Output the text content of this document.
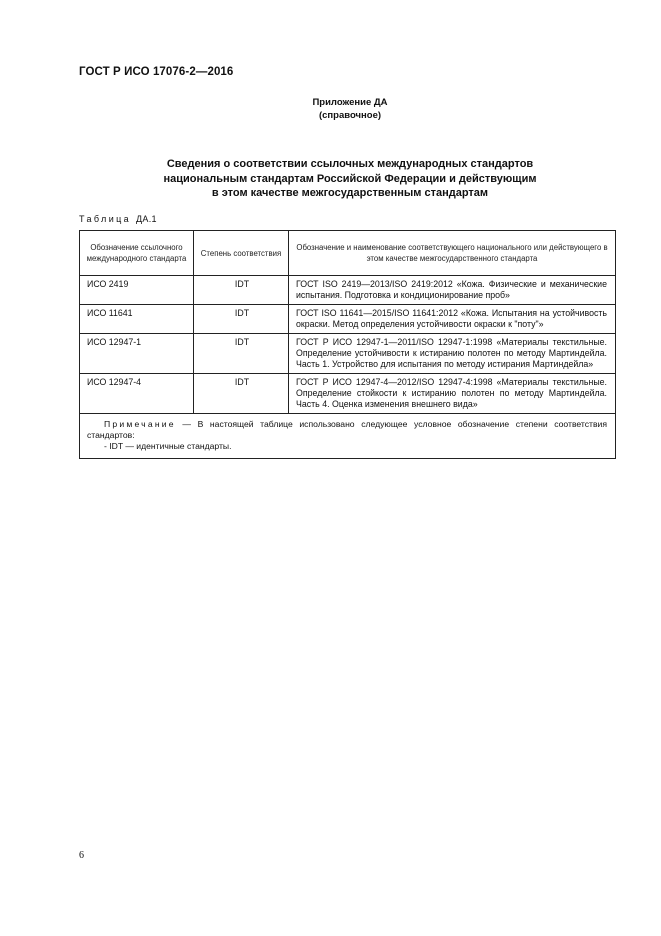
ГОСТ Р ИСО 17076-2—2016
Приложение ДА
(справочное)
Сведения о соответствии ссылочных международных стандартов
национальным стандартам Российской Федерации и действующим
в этом качестве межгосударственным стандартам
Таблица ДА.1
Обозначение ссылочного международного стандарта	Степень соответствия	Обозначение и наименование соответствующего национального или действующего в этом качестве межгосударственного стандарта

ИСО 2419	IDT	ГОСТ ISO 2419—2013/ISO 2419:2012 «Кожа. Физические и механические испытания. Подготовка и кондиционирование проб»

ИСО 11641	IDT	ГОСТ ISO 11641—2015/ISO 11641:2012 «Кожа. Испытания на устойчивость окраски. Метод определения устойчивости окраски к "поту"»

ИСО 12947-1	IDT	ГОСТ Р ИСО 12947-1—2011/ISO 12947-1:1998 «Материалы текстильные. Определение устойчивости к истиранию полотен по методу Мартиндейла. Часть 1. Устройство для испытания по методу истирания Мартиндейла»

ИСО 12947-4	IDT	ГОСТ Р ИСО 12947-4—2012/ISO 12947-4:1998 «Материалы текстильные. Определение стойкости к истиранию полотен по методу Мартиндейла. Часть 4. Оценка изменения внешнего вида»

Примечание — В настоящей таблице использовано следующее условное обозначение степени соответствия стандартов:
- IDT — идентичные стандарты.		
6
